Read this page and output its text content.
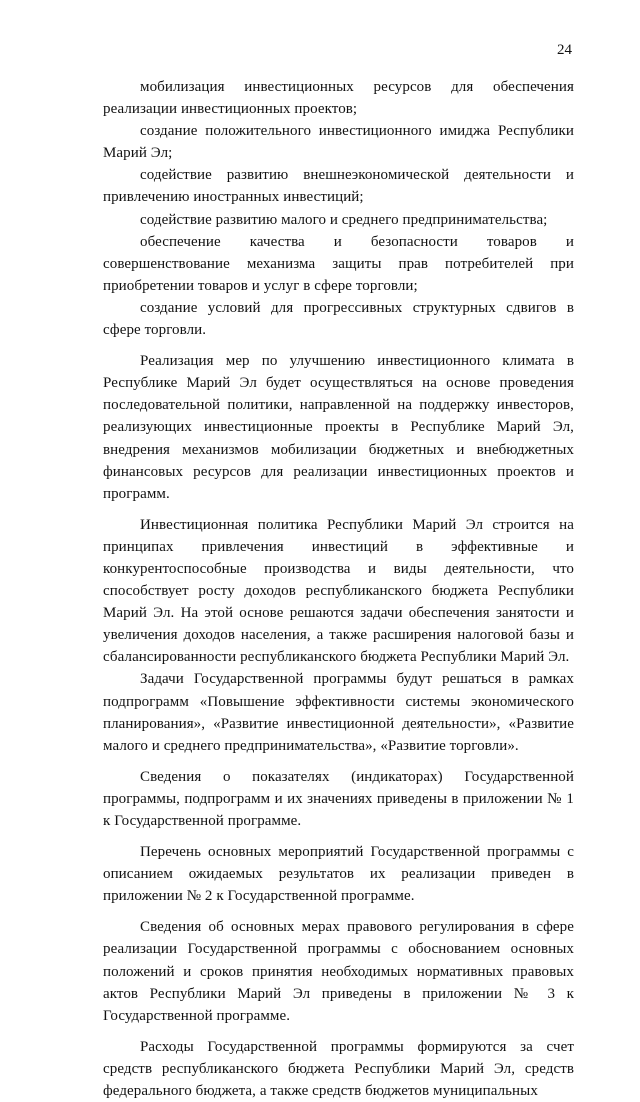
24

мобилизация инвестиционных ресурсов для обеспечения реализации инвестиционных проектов;

создание положительного инвестиционного имиджа Республики Марий Эл;

содействие развитию внешнеэкономической деятельности и привлечению иностранных инвестиций;

содействие развитию малого и среднего предпринимательства;

обеспечение качества и безопасности товаров и совершенствование механизма защиты прав потребителей при приобретении товаров и услуг в сфере торговли;

создание условий для прогрессивных структурных сдвигов в сфере торговли.

Реализация мер по улучшению инвестиционного климата в Республике Марий Эл будет осуществляться на основе проведения последовательной политики, направленной на поддержку инвесторов, реализующих инвестиционные проекты в Республике Марий Эл, внедрения механизмов мобилизации бюджетных и внебюджетных финансовых ресурсов для реализации инвестиционных проектов и программ.

Инвестиционная политика Республики Марий Эл строится на принципах привлечения инвестиций в эффективные и конкурентоспособные производства и виды деятельности, что способствует росту доходов республиканского бюджета Республики Марий Эл. На этой основе решаются задачи обеспечения занятости и увеличения доходов населения, а также расширения налоговой базы и сбалансированности республиканского бюджета Республики Марий Эл.

Задачи Государственной программы будут решаться в рамках подпрограмм «Повышение эффективности системы экономического планирования», «Развитие инвестиционной деятельности», «Развитие малого и среднего предпринимательства», «Развитие торговли».

Сведения о показателях (индикаторах) Государственной программы, подпрограмм и их значениях приведены в приложении № 1 к Государственной программе.

Перечень основных мероприятий Государственной программы с описанием ожидаемых результатов их реализации приведен в приложении № 2 к Государственной программе.

Сведения об основных мерах правового регулирования в сфере реализации Государственной программы с обоснованием основных положений и сроков принятия необходимых нормативных правовых актов Республики Марий Эл приведены в приложении № 3 к Государственной программе.

Расходы Государственной программы формируются за счет средств республиканского бюджета Республики Марий Эл, средств федерального бюджета, а также средств бюджетов муниципальных
